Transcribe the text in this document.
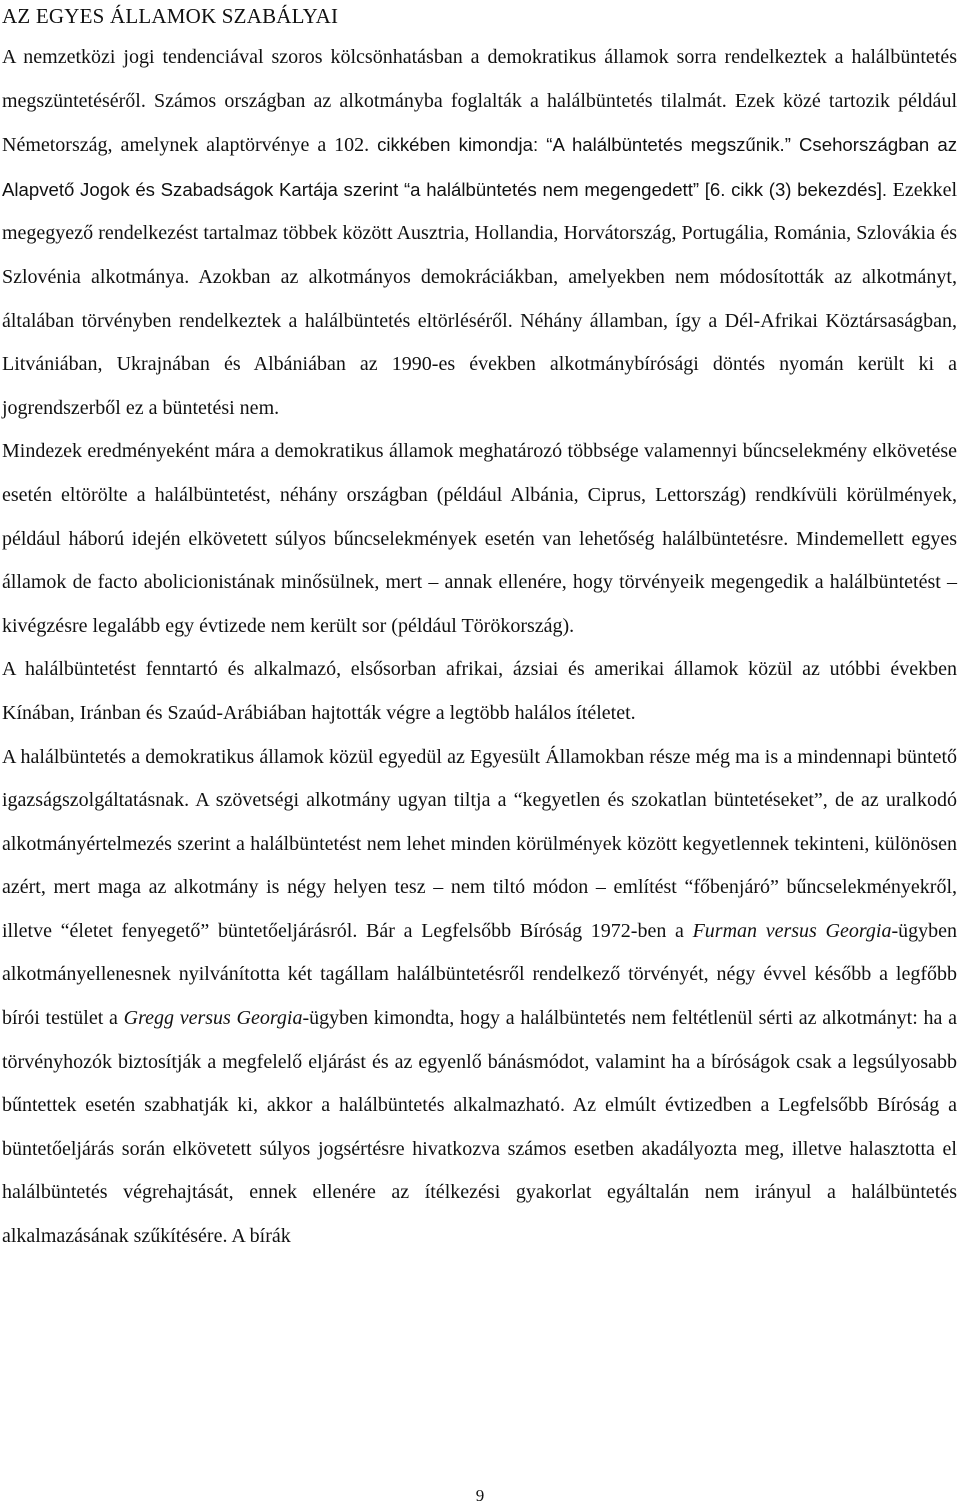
AZ EGYES ÁLLAMOK SZABÁLYAI

A nemzetközi jogi tendenciával szoros kölcsönhatásban a demokratikus államok sorra rendelkeztek a halálbüntetés megszüntetéséről. Számos országban az alkotmányba foglalták a halálbüntetés tilalmát. Ezek közé tartozik például Németország, amelynek alaptörvénye a 102. cikkében kimondja: “A halálbüntetés megszűnik.” Csehországban az Alapvető Jogok és Szabadságok Kartája szerint “a halálbüntetés nem megengedett” [6. cikk (3) bekezdés]. Ezekkel megegyező rendelkezést tartalmaz többek között Ausztria, Hollandia, Horvátország, Portugália, Románia, Szlovákia és Szlovénia alkotmánya. Azokban az alkotmányos demokráciákban, amelyekben nem módosították az alkotmányt, általában törvényben rendelkeztek a halálbüntetés eltörléséről. Néhány államban, így a Dél-Afrikai Köztársaságban, Litvániában, Ukrajnában és Albániában az 1990-es években alkotmánybírósági döntés nyomán került ki a jogrendszerből ez a büntetési nem.

Mindezek eredményeként mára a demokratikus államok meghatározó többsége valamennyi bűncselekmény elkövetése esetén eltörölte a halálbüntetést, néhány országban (például Albánia, Ciprus, Lettország) rendkívüli körülmények, például háború idején elkövetett súlyos bűncselekmények esetén van lehetőség halálbüntetésre. Mindemellett egyes államok de facto abolicionistának minősülnek, mert – annak ellenére, hogy törvényeik megengedik a halálbüntetést – kivégzésre legalább egy évtizede nem került sor (például Törökország).

A halálbüntetést fenntartó és alkalmazó, elsősorban afrikai, ázsiai és amerikai államok közül az utóbbi években Kínában, Iránban és Szaúd-Arábiában hajtották végre a legtöbb halálos ítéletet.

A halálbüntetés a demokratikus államok közül egyedül az Egyesült Államokban része még ma is a mindennapi büntető igazságszolgáltatásnak. A szövetségi alkotmány ugyan tiltja a “kegyetlen és szokatlan büntetéseket”, de az uralkodó alkotmányértelmezés szerint a halálbüntetést nem lehet minden körülmények között kegyetlennek tekinteni, különösen azért, mert maga az alkotmány is négy helyen tesz – nem tiltó módon – említést “főbenjáró” bűncselekményekről, illetve “életet fenyegető” büntetőeljárásról. Bár a Legfelsőbb Bíróság 1972-ben a Furman versus Georgia-ügyben alkotmányellenesnek nyilvánította két tagállam halálbüntetésről rendelkező törvényét, négy évvel később a legfőbb bírói testület a Gregg versus Georgia-ügyben kimondta, hogy a halálbüntetés nem feltétlenül sérti az alkotmányt: ha a törvényhozók biztosítják a megfelelő eljárást és az egyenlő bánásmódot, valamint ha a bíróságok csak a legsúlyosabb bűntettek esetén szabhatják ki, akkor a halálbüntetés alkalmazható. Az elmúlt évtizedben a Legfelsőbb Bíróság a büntetőeljárás során elkövetett súlyos jogsértésre hivatkozva számos esetben akadályozta meg, illetve halasztotta el halálbüntetés végrehajtását, ennek ellenére az ítélkezési gyakorlat egyáltalán nem irányul a halálbüntetés alkalmazásának szűkítésére. A bírák

9
